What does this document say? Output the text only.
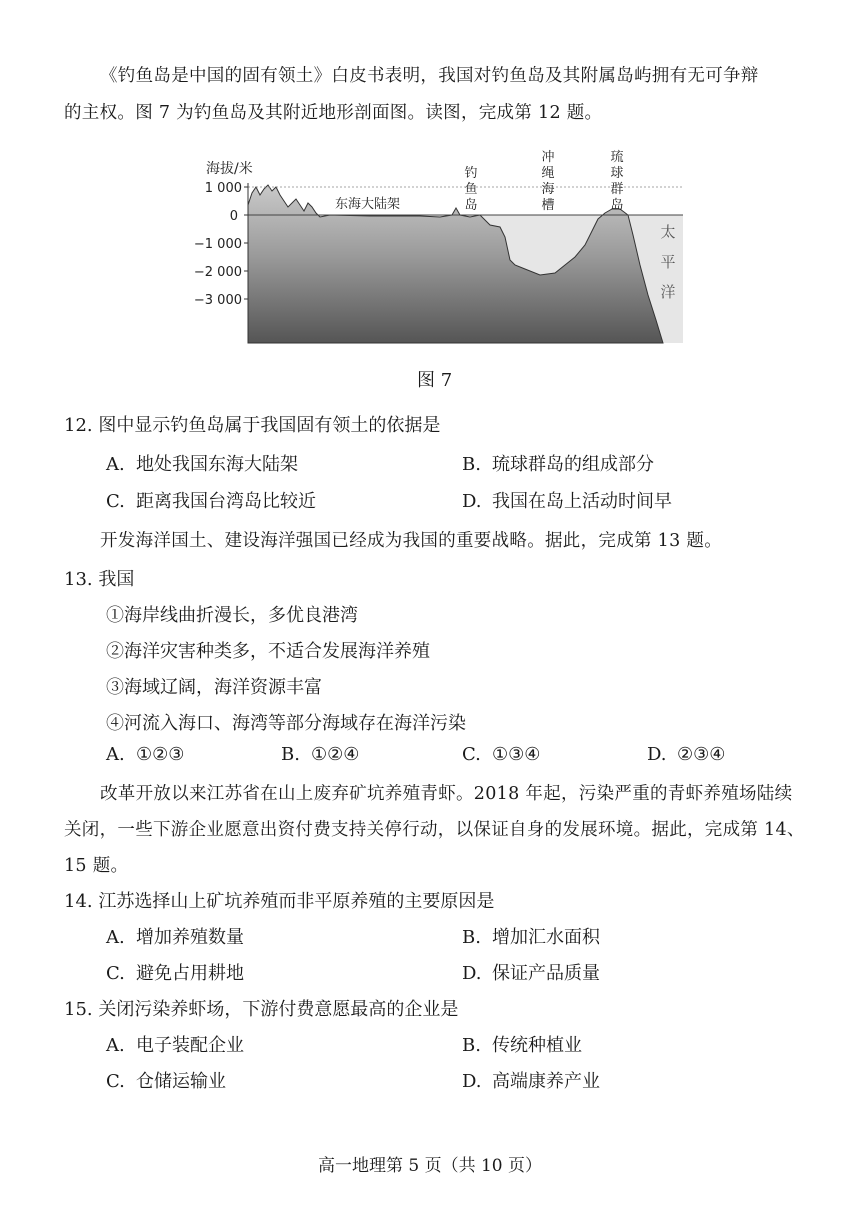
《钓鱼岛是中国的固有领土》白皮书表明，我国对钓鱼岛及其附属岛屿拥有无可争辩
的主权。图 7 为钓鱼岛及其附近地形剖面图。读图，完成第 12 题。
海拔/米
1 000
0
−1 000
−2 000
−3 000
东海大陆架
钓
鱼
岛
冲
绳
海
槽
琉
球
群
岛
太
平
洋
图 7
12. 图中显示钓鱼岛属于我国固有领土的依据是
A. 地处我国东海大陆架	B. 琉球群岛的组成部分
C. 距离我国台湾岛比较近	D. 我国在岛上活动时间早
开发海洋国土、建设海洋强国已经成为我国的重要战略。据此，完成第 13 题。
13. 我国
①海岸线曲折漫长，多优良港湾
②海洋灾害种类多，不适合发展海洋养殖
③海域辽阔，海洋资源丰富
④河流入海口、海湾等部分海域存在海洋污染
A. ①②③	B. ①②④	C. ①③④	D. ②③④
改革开放以来江苏省在山上废弃矿坑养殖青虾。2018 年起，污染严重的青虾养殖场陆续
关闭，一些下游企业愿意出资付费支持关停行动，以保证自身的发展环境。据此，完成第 14、
15 题。
14. 江苏选择山上矿坑养殖而非平原养殖的主要原因是
A. 增加养殖数量	B. 增加汇水面积
C. 避免占用耕地	D. 保证产品质量
15. 关闭污染养虾场，下游付费意愿最高的企业是
A. 电子装配企业	B. 传统种植业
C. 仓储运输业	D. 高端康养产业
高一地理第 5 页（共 10 页）
